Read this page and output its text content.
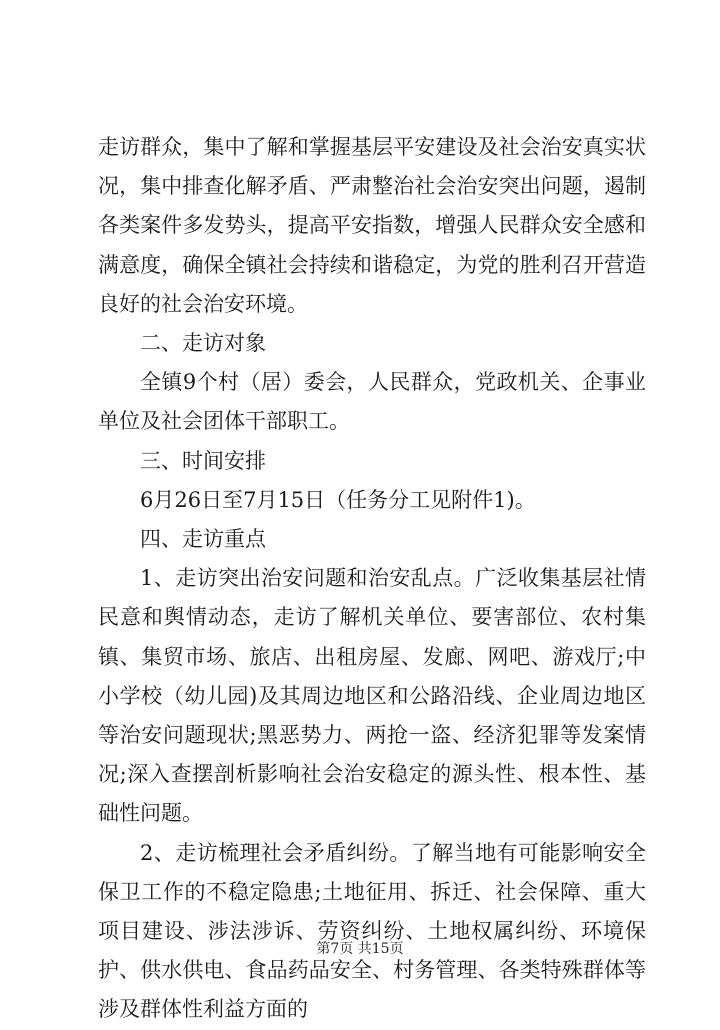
走访群众，集中了解和掌握基层平安建设及社会治安真实状况，集中排查化解矛盾、严肃整治社会治安突出问题，遏制各类案件多发势头，提高平安指数，增强人民群众安全感和满意度，确保全镇社会持续和谐稳定，为党的胜利召开营造良好的社会治安环境。

二、走访对象

全镇9个村（居）委会，人民群众，党政机关、企事业单位及社会团体干部职工。

三、时间安排

6月26日至7月15日（任务分工见附件1)。

四、走访重点

1、走访突出治安问题和治安乱点。广泛收集基层社情民意和舆情动态，走访了解机关单位、要害部位、农村集镇、集贸市场、旅店、出租房屋、发廊、网吧、游戏厅;中小学校（幼儿园)及其周边地区和公路沿线、企业周边地区等治安问题现状;黑恶势力、两抢一盗、经济犯罪等发案情况;深入查摆剖析影响社会治安稳定的源头性、根本性、基础性问题。

2、走访梳理社会矛盾纠纷。了解当地有可能影响安全保卫工作的不稳定隐患;土地征用、拆迁、社会保障、重大项目建设、涉法涉诉、劳资纠纷、土地权属纠纷、环境保护、供水供电、食品药品安全、村务管理、各类特殊群体等涉及群体性利益方面的

第7页 共15页
